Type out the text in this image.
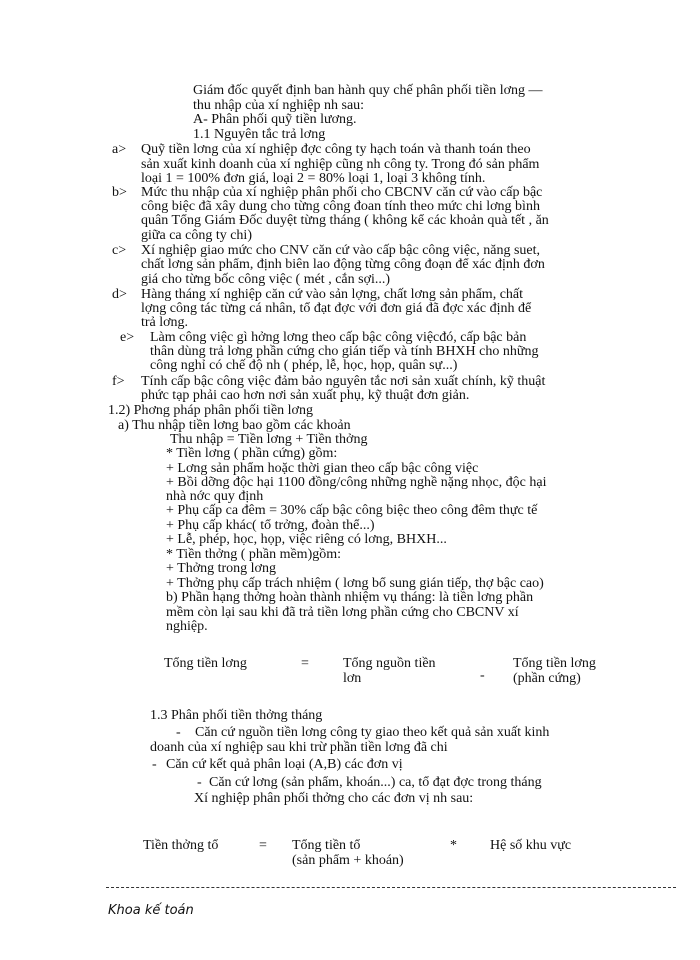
Giám đốc quyết định ban hành quy chế phân phối tiền lơng —
thu nhập của xí nghiệp nh sau:
A- Phân phối quỹ tiền lương.
1.1 Nguyên tắc trả lơng
a> Quỹ tiền lơng của xí nghiệp đợc công ty hạch toán và thanh toán theo
sản xuất kinh doanh của xí nghiệp cũng nh công ty. Trong đó sản phẩm
loại 1 = 100% đơn giá, loại 2 = 80% loại 1, loại 3 không tính.
b> Mức thu nhập của xí nghiệp phân phối cho CBCNV căn cứ vào cấp bậc
công biệc đã xây dung cho từng công đoan tính theo mức chi lơng bình
quân Tổng Giám Đốc duyệt từng tháng ( không kể các khoản quà tết , ăn
giữa ca công ty chi)
c> Xí nghiệp giao mức cho CNV căn cứ vào cấp bậc công việc, năng suet,
chất lơng sản phẩm, định biên lao động từng công đoạn để xác định đơn
giá cho từng bốc công việc ( mét , cắn sợi...)
d> Hàng tháng xí nghiệp căn cứ vào sản lợng, chất lơng sản phẩm, chất
lợng công tác từng cá nhân, tổ đạt đợc với đơn giá đã đợc xác định để
trả lơng.
e> Làm công việc gì hởng lơng theo cấp bậc công việcđó, cấp bậc bản
thân dùng trả lơng phần cứng cho gián tiếp và tính BHXH cho những
công nghỉ có chế độ nh ( phép, lễ, học, họp, quân sự...)
f> Tính cấp bậc công việc đảm bảo nguyên tắc nơi sản xuất chính, kỹ thuật
phức tạp phải cao hơn nơi sản xuất phụ, kỹ thuật đơn giản.
1.2) Phơng pháp phân phối tiền lơng
a) Thu nhập tiền lơng bao gồm các khoản
Thu nhập = Tiền lơng + Tiền thởng
* Tiền lơng ( phần cứng) gồm:
+ Lơng sản phẩm hoặc thời gian theo cấp bậc công việc
+ Bồi dỡng độc hại 1100 đồng/công những nghề nặng nhọc, độc hại
nhà nớc quy định
+ Phụ cấp ca đêm = 30% cấp bậc công biệc theo công đêm thực tế
+ Phụ cấp khác( tổ trởng, đoàn thể...)
+ Lễ, phép, học, họp, việc riêng có lơng, BHXH...
* Tiền thởng ( phần mềm)gồm:
+ Thởng trong lơng
+ Thởng phụ cấp trách nhiệm ( lơng bổ sung gián tiếp, thợ bậc cao)
b) Phần hạng thởng hoàn thành nhiệm vụ tháng: là tiền lơng phần
mềm còn lại sau khi đã trả tiền lơng phần cứng cho CBCNV xí
nghiệp.
Tổng tiền lơng	= Tổng nguồn tiền
lơn	-
Tổng tiền lơng
(phần cứng)
1.3 Phân phối tiền thởng tháng
- Căn cứ nguồn tiền lơng công ty giao theo kết quả sản xuất kinh
doanh của xí nghiệp sau khi trừ phần tiền lơng đã chi
- Căn cứ kết quả phân loại (A,B) các đơn vị
- Căn cứ lơng (sản phẩm, khoán...) ca, tổ đạt đợc trong tháng
Xí nghiệp phân phối thởng cho các đơn vị nh sau:
Tiền thởng tổ	= Tổng tiền tổ
(sản phẩm + khoán)
* Hệ số khu vực
Khoa kế toán
